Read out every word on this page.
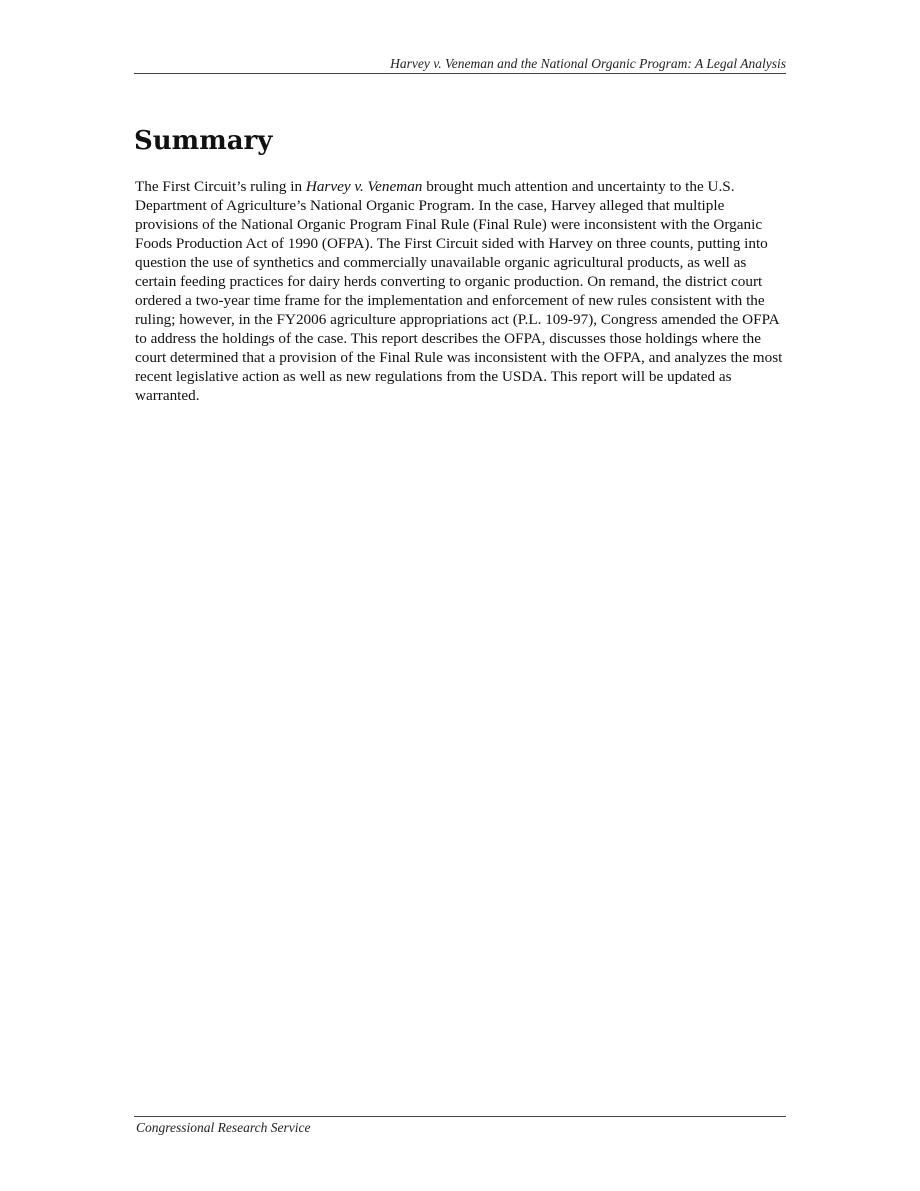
Harvey v. Veneman and the National Organic Program: A Legal Analysis
Summary

The First Circuit’s ruling in Harvey v. Veneman brought much attention and uncertainty to the U.S. Department of Agriculture’s National Organic Program. In the case, Harvey alleged that multiple provisions of the National Organic Program Final Rule (Final Rule) were inconsistent with the Organic Foods Production Act of 1990 (OFPA). The First Circuit sided with Harvey on three counts, putting into question the use of synthetics and commercially unavailable organic agricultural products, as well as certain feeding practices for dairy herds converting to organic production. On remand, the district court ordered a two-year time frame for the implementation and enforcement of new rules consistent with the ruling; however, in the FY2006 agriculture appropriations act (P.L. 109-97), Congress amended the OFPA to address the holdings of the case. This report describes the OFPA, discusses those holdings where the court determined that a provision of the Final Rule was inconsistent with the OFPA, and analyzes the most recent legislative action as well as new regulations from the USDA. This report will be updated as warranted.

Congressional Research Service
